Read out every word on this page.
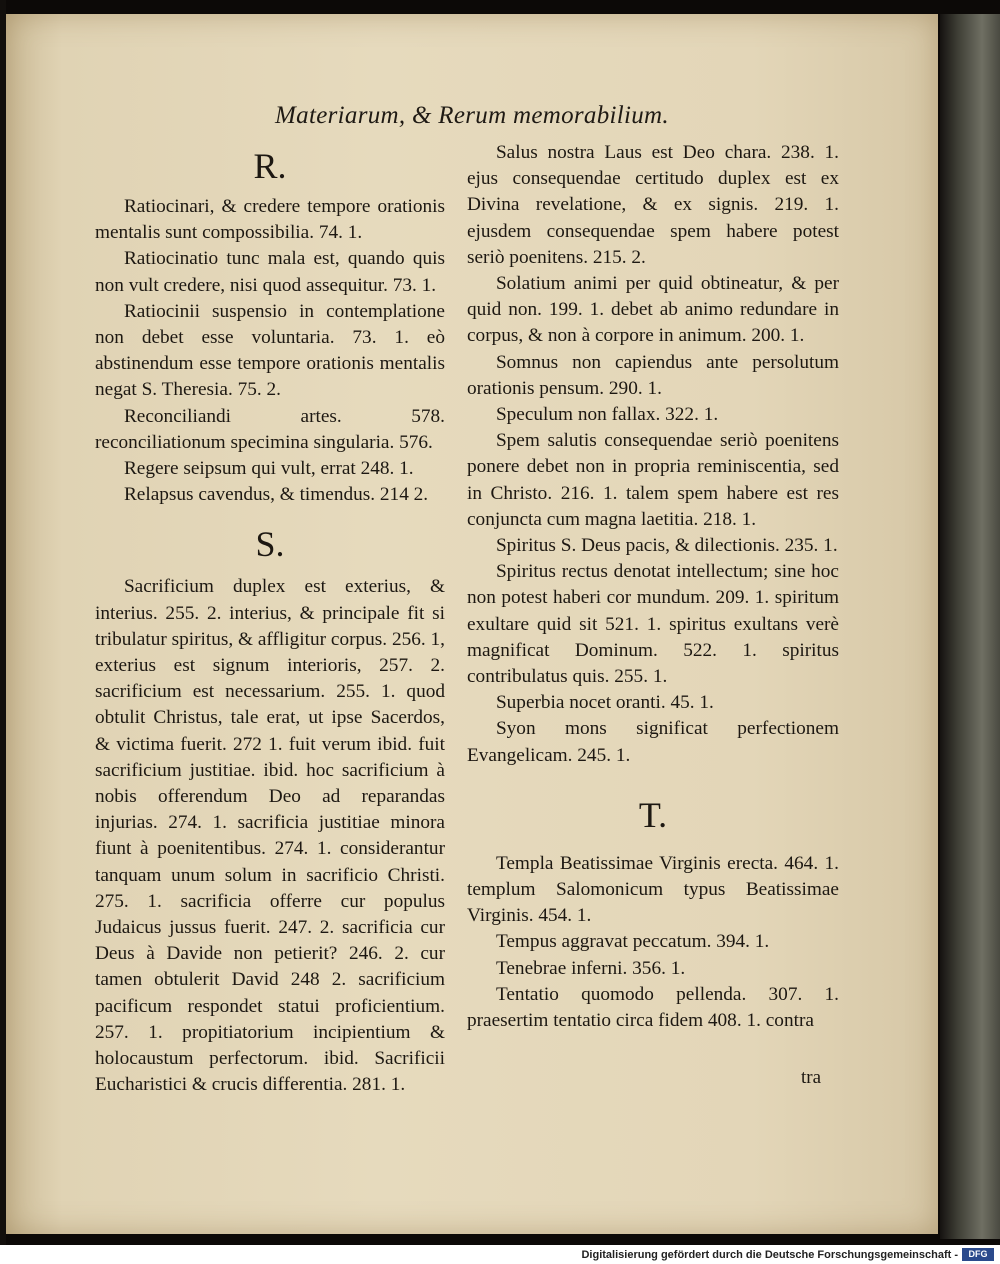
Materiarum, & Rerum memorabilium.
R.

Ratiocinari, & credere tempore orationis mentalis sunt compossibilia. 74. 1.

Ratiocinatio tunc mala est, quando quis non vult credere, nisi quod assequitur. 73. 1.

Ratiocinii suspensio in contemplatione non debet esse voluntaria. 73. 1. eò abstinendum esse tempore orationis mentalis negat S. Theresia. 75. 2.

Reconciliandi artes. 578. reconciliationum specimina singularia. 576.

Regere seipsum qui vult, errat 248. 1.

Relapsus cavendus, & timendus. 214 2.

S.

Sacrificium duplex est exterius, & interius. 255. 2. interius, & principale fit si tribulatur spiritus, & affligitur corpus. 256. 1, exterius est signum interioris, 257. 2. sacrificium est necessarium. 255. 1. quod obtulit Christus, tale erat, ut ipse Sacerdos, & victima fuerit. 272 1. fuit verum ibid. fuit sacrificium justitiae. ibid. hoc sacrificium à nobis offerendum Deo ad reparandas injurias. 274. 1. sacrificia justitiae minora fiunt à poenitentibus. 274. 1. considerantur tanquam unum solum in sacrificio Christi. 275. 1. sacrificia offerre cur populus Judaicus jussus fuerit. 247. 2. sacrificia cur Deus à Davide non petierit? 246. 2. cur tamen obtulerit David 248 2. sacrificium pacificum respondet statui proficientium. 257. 1. propitiatorium incipientium & holocaustum perfectorum. ibid. Sacrificii Eucharistici & crucis differentia. 281. 1.

Salus nostra Laus est Deo chara. 238. 1. ejus consequendae certitudo duplex est ex Divina revelatione, & ex signis. 219. 1. ejusdem consequendae spem habere potest seriò poenitens. 215. 2.

Solatium animi per quid obtineatur, & per quid non. 199. 1. debet ab animo redundare in corpus, & non à corpore in animum. 200. 1.

Somnus non capiendus ante persolutum orationis pensum. 290. 1.

Speculum non fallax. 322. 1.

Spem salutis consequendae seriò poenitens ponere debet non in propria reminiscentia, sed in Christo. 216. 1. talem spem habere est res conjuncta cum magna laetitia. 218. 1.

Spiritus S. Deus pacis, & dilectionis. 235. 1.

Spiritus rectus denotat intellectum; sine hoc non potest haberi cor mundum. 209. 1. spiritum exultare quid sit 521. 1. spiritus exultans verè magnificat Dominum. 522. 1. spiritus contribulatus quis. 255. 1.

Superbia nocet oranti. 45. 1.

Syon mons significat perfectionem Evangelicam. 245. 1.

T.

Templa Beatissimae Virginis erecta. 464. 1. templum Salomonicum typus Beatissimae Virginis. 454. 1.

Tempus aggravat peccatum. 394. 1.

Tenebrae inferni. 356. 1.

Tentatio quomodo pellenda. 307. 1. praesertim tentatio circa fidem 408. 1. contra

tra
Digitalisierung gefördert durch die Deutsche Forschungsgemeinschaft -	DFG
